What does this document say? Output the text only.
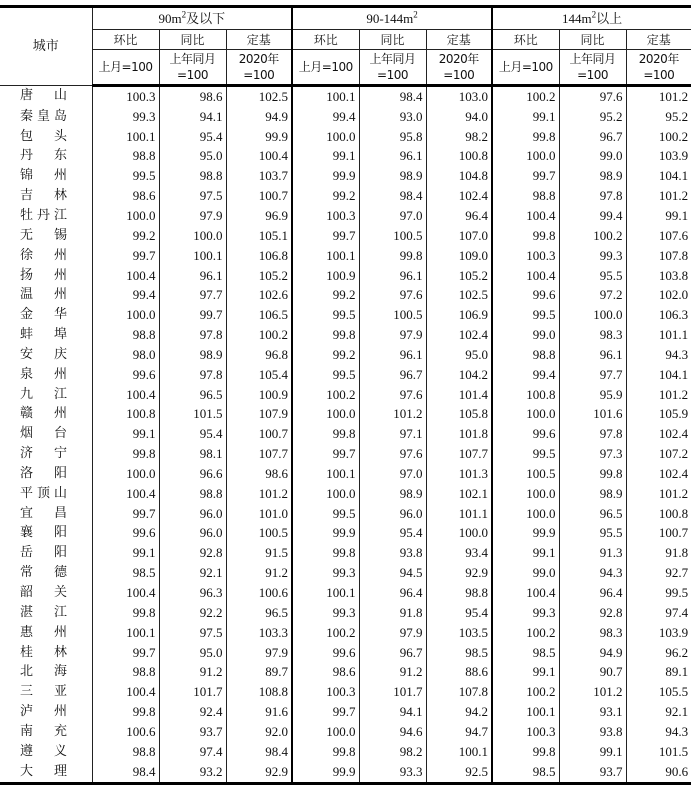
城市	$90m^2$及以下			$90-144m^2$			$144m^2$以上		
	环比	同比	定基	环比	同比	定基	环比	同比	定基
	上月=100	上年同月=100	2020年=100	上月=100	上年同月=100	2020年=100	上月=100	上年同月=100	2020年=100

唐山	100.3	98.6	102.5	100.1	98.4	103.0	100.2	97.6	101.2

秦皇岛	99.3	94.1	94.9	99.4	93.0	94.0	99.1	95.2	95.2

包头	100.1	95.4	99.9	100.0	95.8	98.2	99.8	96.7	100.2

丹东	98.8	95.0	100.4	99.1	96.1	100.8	100.0	99.0	103.9

锦州	99.5	98.8	103.7	99.9	98.9	104.8	99.7	98.9	104.1

吉林	98.6	97.5	100.7	99.2	98.4	102.4	98.8	97.8	101.2

牡丹江	100.0	97.9	96.9	100.3	97.0	96.4	100.4	99.4	99.1

无锡	99.2	100.0	105.1	99.7	100.5	107.0	99.8	100.2	107.6

徐州	99.7	100.1	106.8	100.1	99.8	109.0	100.3	99.3	107.8

扬州	100.4	96.1	105.2	100.9	96.1	105.2	100.4	95.5	103.8

温州	99.4	97.7	102.6	99.2	97.6	102.5	99.6	97.2	102.0

金华	100.0	99.7	106.5	99.5	100.5	106.9	99.5	100.0	106.3

蚌埠	98.8	97.8	100.2	99.8	97.9	102.4	99.0	98.3	101.1

安庆	98.0	98.9	96.8	99.2	96.1	95.0	98.8	96.1	94.3

泉州	99.6	97.8	105.4	99.5	96.7	104.2	99.4	97.7	104.1

九江	100.4	96.5	100.9	100.2	97.6	101.4	100.8	95.9	101.2

赣州	100.8	101.5	107.9	100.0	101.2	105.8	100.0	101.6	105.9

烟台	99.1	95.4	100.7	99.8	97.1	101.8	99.6	97.8	102.4

济宁	99.8	98.1	107.7	99.7	97.6	107.7	99.5	97.3	107.2

洛阳	100.0	96.6	98.6	100.1	97.0	101.3	100.5	99.8	102.4

平顶山	100.4	98.8	101.2	100.0	98.9	102.1	100.0	98.9	101.2

宜昌	99.7	96.0	101.0	99.5	96.0	101.1	100.0	96.5	100.8

襄阳	99.6	96.0	100.5	99.9	95.4	100.0	99.9	95.5	100.7

岳阳	99.1	92.8	91.5	99.8	93.8	93.4	99.1	91.3	91.8

常德	98.5	92.1	91.2	99.3	94.5	92.9	99.0	94.3	92.7

韶关	100.4	96.3	100.6	100.1	96.4	98.8	100.4	96.4	99.5

湛江	99.8	92.2	96.5	99.3	91.8	95.4	99.3	92.8	97.4

惠州	100.1	97.5	103.3	100.2	97.9	103.5	100.2	98.3	103.9

桂林	99.7	95.0	97.9	99.6	96.7	98.5	98.5	94.9	96.2

北海	98.8	91.2	89.7	98.6	91.2	88.6	99.1	90.7	89.1

三亚	100.4	101.7	108.8	100.3	101.7	107.8	100.2	101.2	105.5

泸州	99.8	92.4	91.6	99.7	94.1	94.2	100.1	93.1	92.1

南充	100.6	93.7	92.0	100.0	94.6	94.7	100.3	93.8	94.3

遵义	98.8	97.4	98.4	99.8	98.2	100.1	99.8	99.1	101.5

大理	98.4	93.2	92.9	99.9	93.3	92.5	98.5	93.7	90.6
